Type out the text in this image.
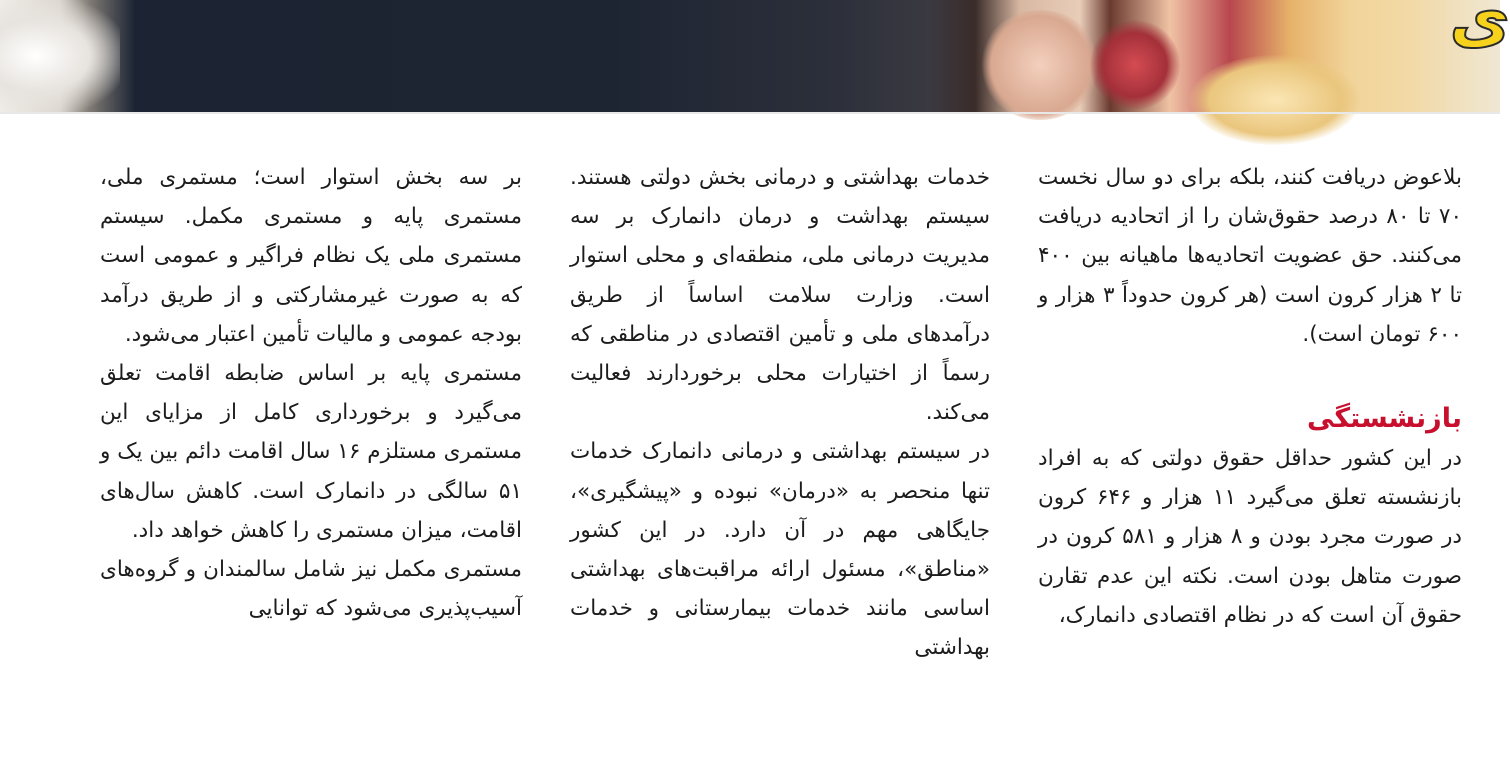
ی

بلاعوض دریافت کنند، بلکه برای دو سال نخست ۷۰ تا ۸۰ درصد حقوق‌شان را از اتحادیه دریافت می‌کنند. حق عضویت اتحادیه‌ها ماهیانه بین ۴۰۰ تا ۲ هزار کرون است (هر کرون حدوداً ۳ هزار و ۶۰۰ تومان است).

بازنشستگی

در این کشور حداقل حقوق دولتی که به افراد بازنشسته تعلق می‌گیرد ۱۱ هزار و ۶۴۶ کرون در صورت مجرد بودن و ۸ هزار و ۵۸۱ کرون در صورت متاهل بودن است. نکته این عدم تقارن حقوق آن است که در نظام اقتصادی دانمارک،

خدمات بهداشتی و درمانی بخش دولتی هستند. سیستم بهداشت و درمان دانمارک بر سه مدیریت درمانی ملی، منطقه‌ای و محلی استوار است. وزارت سلامت اساساً از طریق درآمدهای ملی و تأمین اقتصادی در مناطقی که رسماً از اختیارات محلی برخوردارند فعالیت می‌کند.

در سیستم بهداشتی و درمانی دانمارک خدمات تنها منحصر به «درمان» نبوده و «پیشگیری»، جایگاهی مهم در آن دارد. در این کشور «مناطق»، مسئول ارائه مراقبت‌های بهداشتی اساسی مانند خدمات بیمارستانی و خدمات بهداشتی

بر سه بخش استوار است؛ مستمری ملی، مستمری پایه و مستمری مکمل. سیستم مستمری ملی یک نظام فراگیر و عمومی است که به صورت غیرمشارکتی و از طریق درآمد بودجه عمومی و مالیات تأمین اعتبار می‌شود.

مستمری پایه بر اساس ضابطه اقامت تعلق می‌گیرد و برخورداری کامل از مزایای این مستمری مستلزم ۱۶ سال اقامت دائم بین یک و ۵۱ سالگی در دانمارک است. کاهش سال‌های اقامت، میزان مستمری را کاهش خواهد داد.

مستمری مکمل نیز شامل سالمندان و گروه‌های آسیب‌پذیری می‌شود که توانایی
